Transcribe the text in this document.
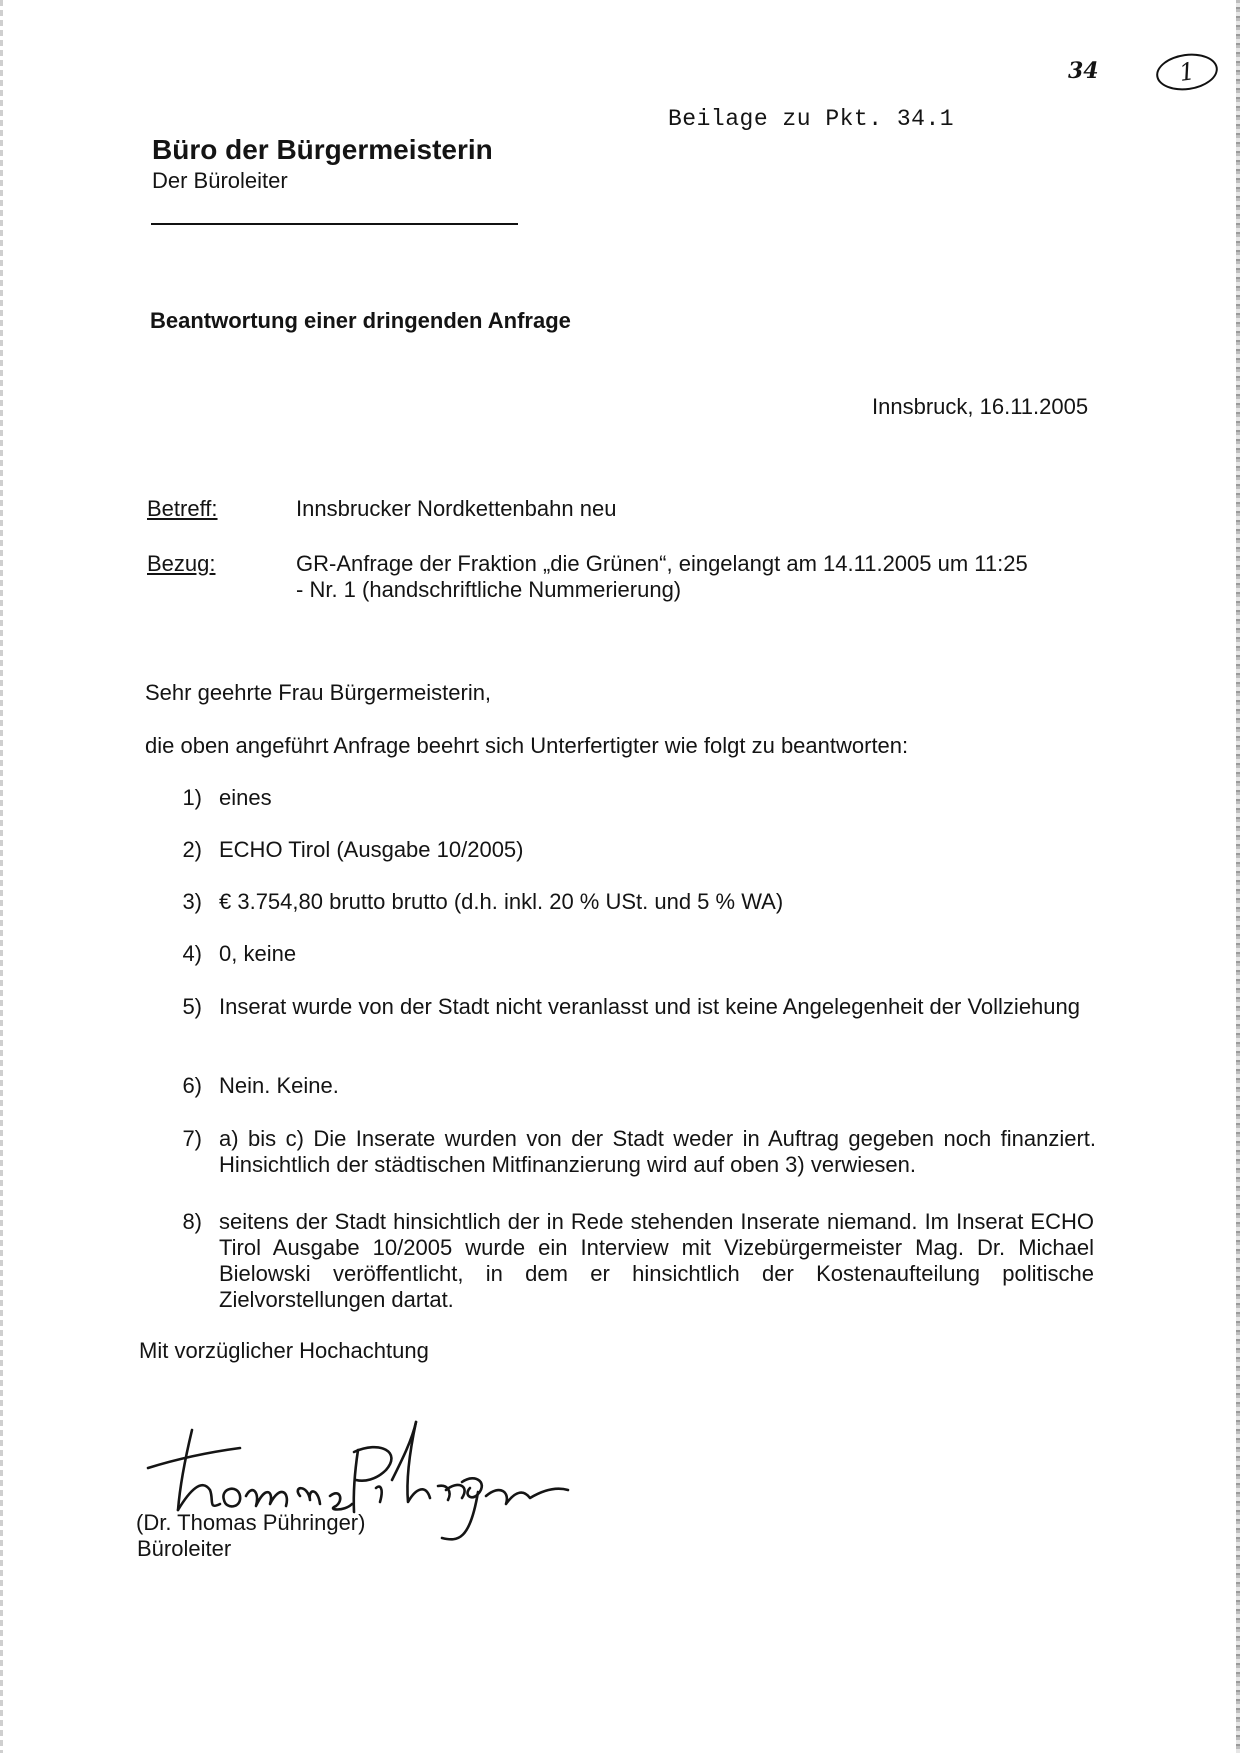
34	1
Beilage zu Pkt. 34.1
Büro der Bürgermeisterin
Der Büroleiter
Beantwortung einer dringenden Anfrage
Innsbruck, 16.11.2005
Betreff:	Innsbrucker Nordkettenbahn neu
Bezug:	GR-Anfrage der Fraktion „die Grünen“, eingelangt am 14.11.2005 um 11:25
- Nr. 1 (handschriftliche Nummerierung)
Sehr geehrte Frau Bürgermeisterin,
die oben angeführt Anfrage beehrt sich Unterfertigter wie folgt zu beantworten:
1) eines
2) ECHO Tirol (Ausgabe 10/2005)
3) € 3.754,80 brutto brutto (d.h. inkl. 20 % USt. und 5 % WA)
4) 0, keine
5) Inserat wurde von der Stadt nicht veranlasst und ist keine Angelegenheit der Vollziehung
6) Nein. Keine.
7) a) bis c) Die Inserate wurden von der Stadt weder in Auftrag gegeben noch finanziert. Hinsichtlich der städtischen Mitfinanzierung wird auf oben 3) verwiesen.
8) seitens der Stadt hinsichtlich der in Rede stehenden Inserate niemand. Im Inserat ECHO Tirol Ausgabe 10/2005 wurde ein Interview mit Vizebürgermeister Mag. Dr. Michael Bielowski veröffentlicht, in dem er hinsichtlich der Kostenaufteilung politische Zielvorstellungen dartat.
Mit vorzüglicher Hochachtung
(Dr. Thomas Pühringer)
Büroleiter
